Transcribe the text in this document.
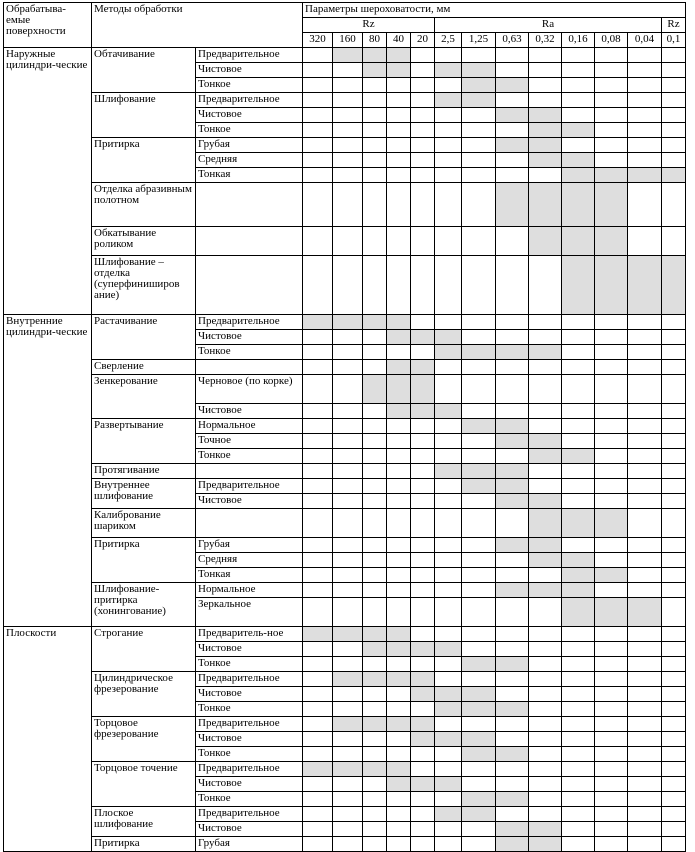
Обрабатыва-емые поверхности	Методы обработки		Параметры шероховатости, мм												
			Rz					Ra							Rz
			320	160	80	40	20	2,5	1,25	0,63	0,32	0,16	0,08	0,04	0,1
Наружные цилиндри-ческие	Обтачивание	Предварительное													
		Чистовое													
		Тонкое													
	Шлифование	Предварительное													
		Чистовое													
		Тонкое													
	Притирка	Грубая													
		Средняя													
		Тонкая													
	Отделка абразивным полотном														
	Обкатывание роликом														
	Шлифование – отделка (суперфиниширов ание)														
Внутренние цилиндри-ческие	Растачивание	Предварительное													
		Чистовое													
		Тонкое													
	Сверление														
	Зенкерование	Черновое (по корке)													
		Чистовое													
	Развертывание	Нормальное													
		Точное													
		Тонкое													
	Протягивание														
	Внутреннее шлифование	Предварительное													
		Чистовое													
	Калибрование шариком														
	Притирка	Грубая													
		Средняя													
		Тонкая													
	Шлифование-притирка (хонингование)	Нормальное													
		Зеркальное													
Плоскости	Строгание	Предваритель-ное													
		Чистовое													
		Тонкое													
	Цилиндрическое фрезерование	Предварительное													
		Чистовое													
		Тонкое													
	Торцовое фрезерование	Предварительное													
		Чистовое													
		Тонкое													
	Торцовое точение	Предварительное													
		Чистовое													
		Тонкое													
	Плоское шлифование	Предварительное													
		Чистовое													
	Притирка	Грубая													
